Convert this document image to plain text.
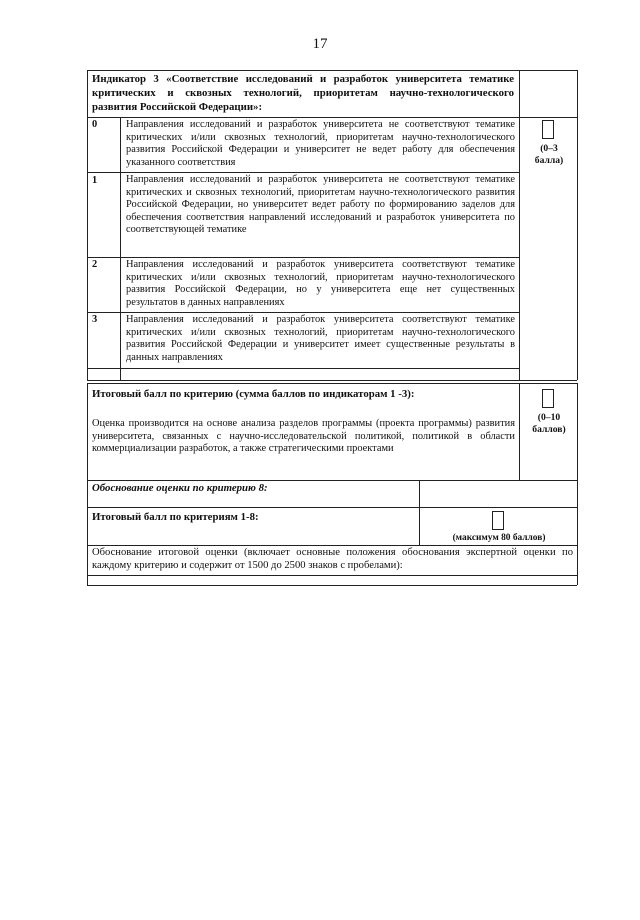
17
Индикатор 3 «Соответствие исследований и разработок университета тематике критических и сквозных технологий, приоритетам научно-технологического развития Российской Федерации»:
0	Направления исследований и разработок университета не соответствуют тематике критических и/или сквозных технологий, приоритетам научно-технологического развития Российской Федерации и университет не ведет работу для обеспечения указанного соответствия
1	Направления исследований и разработок университета не соответствуют тематике критических и сквозных технологий, приоритетам научно-технологического развития Российской Федерации, но университет ведет работу по формированию заделов для обеспечения соответствия направлений исследований и разработок университета по соответствующей тематике
2	Направления исследований и разработок университета соответствуют тематике критических и/или сквозных технологий, приоритетам научно-технологического развития Российской Федерации, но у университета еще нет существенных результатов в данных направлениях
3	Направления исследований и разработок университета соответствуют тематике критических и/или сквозных технологий, приоритетам научно-технологического развития Российской Федерации и университет имеет существенные результаты в данных направлениях
(0–3
балла)
Итоговый балл по критерию (сумма баллов по индикаторам 1 -3):
Оценка производится на основе анализа разделов программы (проекта программы) развития университета, связанных с научно-исследовательской политикой, политикой в области коммерциализации разработок, а также стратегическими проектами
(0–10
баллов)
Обоснование оценки по критерию 8:
Итоговый балл по критериям 1-8:
(максимум 80 баллов)
Обоснование итоговой оценки (включает основные положения обоснования экспертной оценки по каждому критерию и содержит от 1500 до 2500 знаков с пробелами):
